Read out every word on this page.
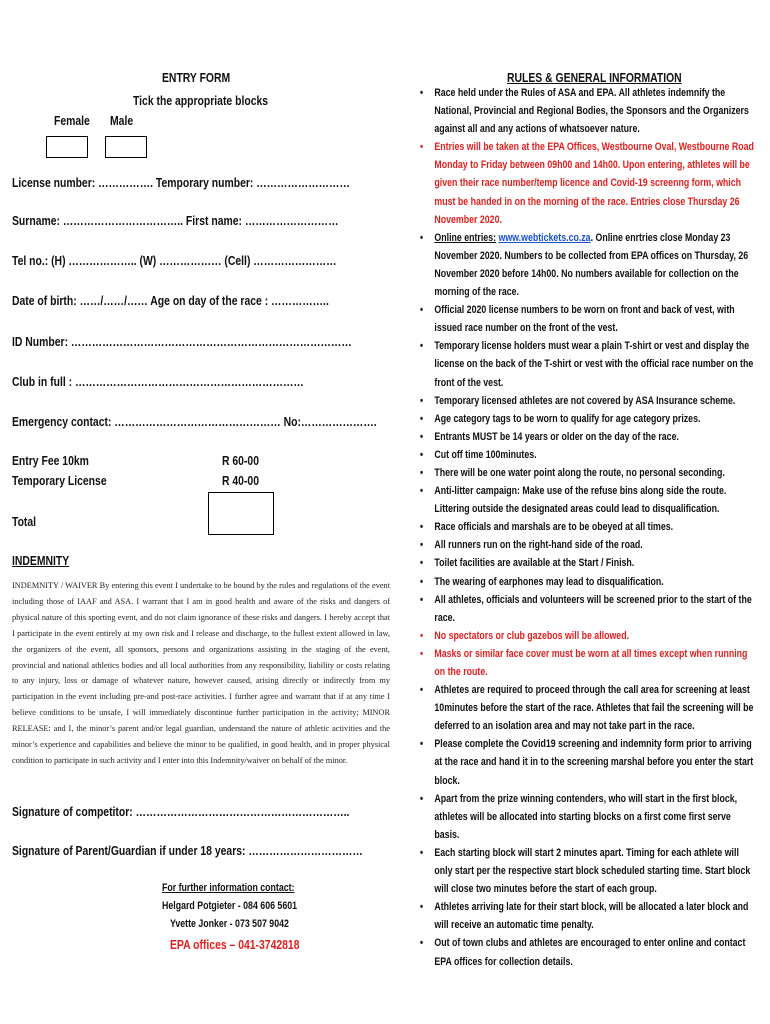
ENTRY FORM
Tick the appropriate blocks
Female Male
License number: ……………. Temporary number: ………………………
Surname: …………………………….. First name: ………………………
Tel no.: (H) ……………….. (W) ……………… (Cell) ……………………
Date of birth: ……/……/…… Age on day of the race : ……………..
ID Number: ………………………………………………………………………
Club in full : …………………………………………………………
Emergency contact: ………………………………………… No:………………….
Entry Fee 10km	R 60-00
Temporary License	R 40-00
Total
INDEMNITY
INDEMNITY / WAIVER By entering this event I undertake to be bound by the rules and regulations of the event including those of IAAF and ASA. I warrant that I am in good health and aware of the risks and dangers of physical nature of this sporting event, and do not claim ignorance of these risks and dangers. I hereby accept that I participate in the event entirely at my own risk and I release and discharge, to the fullest extent allowed in law, the organizers of the event, all sponsors, persons and organizations assisting in the staging of the event, provincial and national athletics bodies and all local authorities from any responsibility, liability or costs relating to any injury, loss or damage of whatever nature, however caused, arising directly or indirectly from my participation in the event including pre-and post-race activities. I further agree and warrant that if at any time I believe conditions to be unsafe, I will immediately discontinue further participation in the activity; MINOR RELEASE: and I, the minor’s parent and/or legal guardian, understand the nature of athletic activities and the minor’s experience and capabilities and believe the minor to be qualified, in good health, and in proper physical condition to participate in such activity and I enter into this Indemnity/waiver on behalf of the minor.
Signature of competitor: ……………………………………………………..
Signature of Parent/Guardian if under 18 years: ……………………………
For further information contact:
Helgard Potgieter - 084 606 5601
Yvette Jonker - 073 507 9042
EPA offices – 041-3742818
RULES & GENERAL INFORMATION
• Race held under the Rules of ASA and EPA. All athletes indemnify the National, Provincial and Regional Bodies, the Sponsors and the Organizers against all and any actions of whatsoever nature.
• Entries will be taken at the EPA Offices, Westbourne Oval, Westbourne Road Monday to Friday between 09h00 and 14h00. Upon entering, athletes will be given their race number/temp licence and Covid-19 screenng form, which must be handed in on the morning of the race. Entries close Thursday 26 November 2020.
• Online entries: www.webtickets.co.za. Online enrtries close Monday 23 November 2020. Numbers to be collected from EPA offices on Thursday, 26 November 2020 before 14h00. No numbers available for collection on the morning of the race.
• Official 2020 license numbers to be worn on front and back of vest, with issued race number on the front of the vest.
• Temporary license holders must wear a plain T-shirt or vest and display the license on the back of the T-shirt or vest with the official race number on the front of the vest.
• Temporary licensed athletes are not covered by ASA Insurance scheme.
• Age category tags to be worn to qualify for age category prizes.
• Entrants MUST be 14 years or older on the day of the race.
• Cut off time 100minutes.
• There will be one water point along the route, no personal seconding.
• Anti-litter campaign: Make use of the refuse bins along side the route. Littering outside the designated areas could lead to disqualification.
• Race officials and marshals are to be obeyed at all times.
• All runners run on the right-hand side of the road.
• Toilet facilities are available at the Start / Finish.
• The wearing of earphones may lead to disqualification.
• All athletes, officials and volunteers will be screened prior to the start of the race.
• No spectators or club gazebos will be allowed.
• Masks or similar face cover must be worn at all times except when running on the route.
• Athletes are required to proceed through the call area for screening at least 10minutes before the start of the race. Athletes that fail the screening will be deferred to an isolation area and may not take part in the race.
• Please complete the Covid19 screening and indemnity form prior to arriving at the race and hand it in to the screening marshal before you enter the start block.
• Apart from the prize winning contenders, who will start in the first block, athletes will be allocated into starting blocks on a first come first serve basis.
• Each starting block will start 2 minutes apart. Timing for each athlete will only start per the respective start block scheduled starting time. Start block will close two minutes before the start of each group.
• Athletes arriving late for their start block, will be allocated a later block and will receive an automatic time penalty.
• Out of town clubs and athletes are encouraged to enter online and contact EPA offices for collection details.
